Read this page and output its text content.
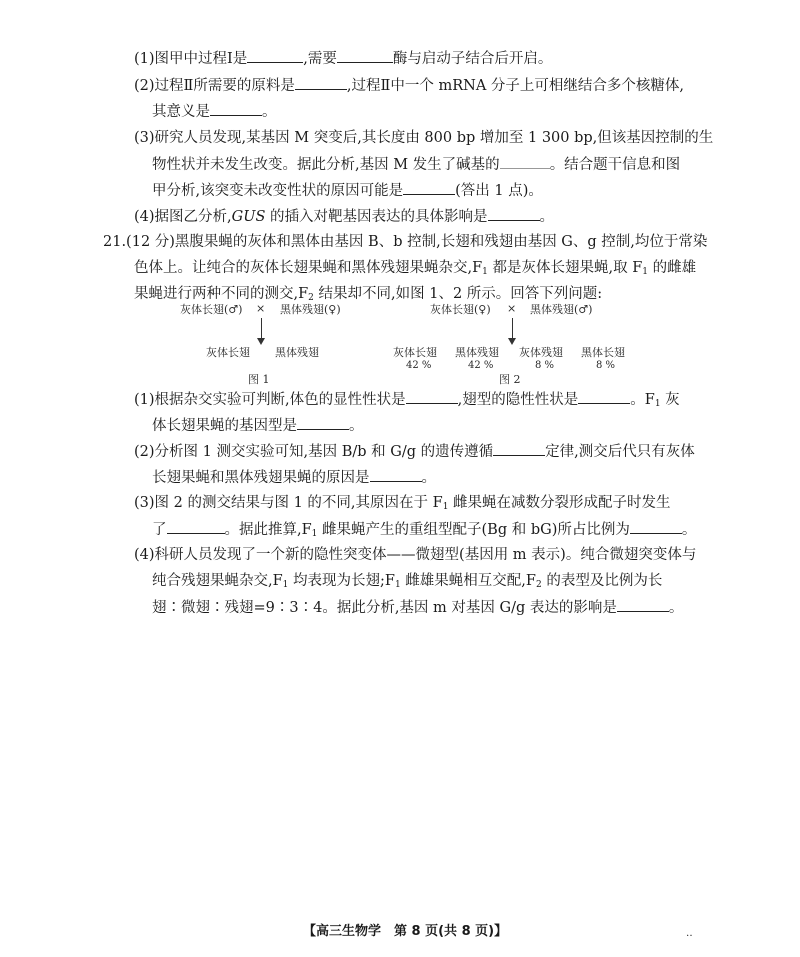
(1)图甲中过程Ⅰ是	,需要	酶与启动子结合后开启。
(2)过程Ⅱ所需要的原料是	,过程Ⅱ中一个 mRNA 分子上可相继结合多个核糖体,
其意义是	。
(3)研究人员发现,某基因 M 突变后,其长度由 800 bp 增加至 1 300 bp,但该基因控制的生
物性状并未发生改变。据此分析,基因 M 发生了碱基的	。结合题干信息和图
甲分析,该突变未改变性状的原因可能是	(答出 1 点)。
(4)据图乙分析,GUS 的插入对靶基因表达的具体影响是	。
21.(12 分)黑腹果蝇的灰体和黑体由基因 B、b 控制,长翅和残翅由基因 G、g 控制,均位于常染
色体上。让纯合的灰体长翅果蝇和黑体残翅果蝇杂交$,F_1$ 都是灰体长翅果蝇,取 $F_1$ 的雌雄
果蝇进行两种不同的测交$,F_2$ 结果却不同,如图 1、2 所示。回答下列问题:
灰体长翅(♂) × 黑体残翅(♀)
灰体长翅 黑体残翅
图 1
灰体长翅(♀) × 黑体残翅(♂)
灰体长翅 黑体残翅 灰体残翅 黑体长翅
42 %	42 %	8 %	8 %
图 2
(1)根据杂交实验可判断,体色的显性性状是	,翅型的隐性性状是	。$F_1$ 灰
体长翅果蝇的基因型是	。
(2)分析图 1 测交实验可知,基因 B/b 和 G/g 的遗传遵循	定律,测交后代只有灰体
长翅果蝇和黑体残翅果蝇的原因是	。
(3)图 2 的测交结果与图 1 的不同,其原因在于 $F_1$ 雌果蝇在减数分裂形成配子时发生
了	。据此推算$,F_1$ 雌果蝇产生的重组型配子(Bg 和 bG)所占比例为	。
(4)科研人员发现了一个新的隐性突变体——微翅型(基因用 m 表示)。纯合微翅突变体与
纯合残翅果蝇杂交$,F_1$ 均表现为长翅$;F_1$ 雌雄果蝇相互交配$,F_2$ 的表型及比例为长
翅∶微翅∶残翅=9∶3∶4。据此分析,基因 m 对基因 G/g 表达的影响是	。
【高三生物学　第 8 页(共 8 页)】	‥
